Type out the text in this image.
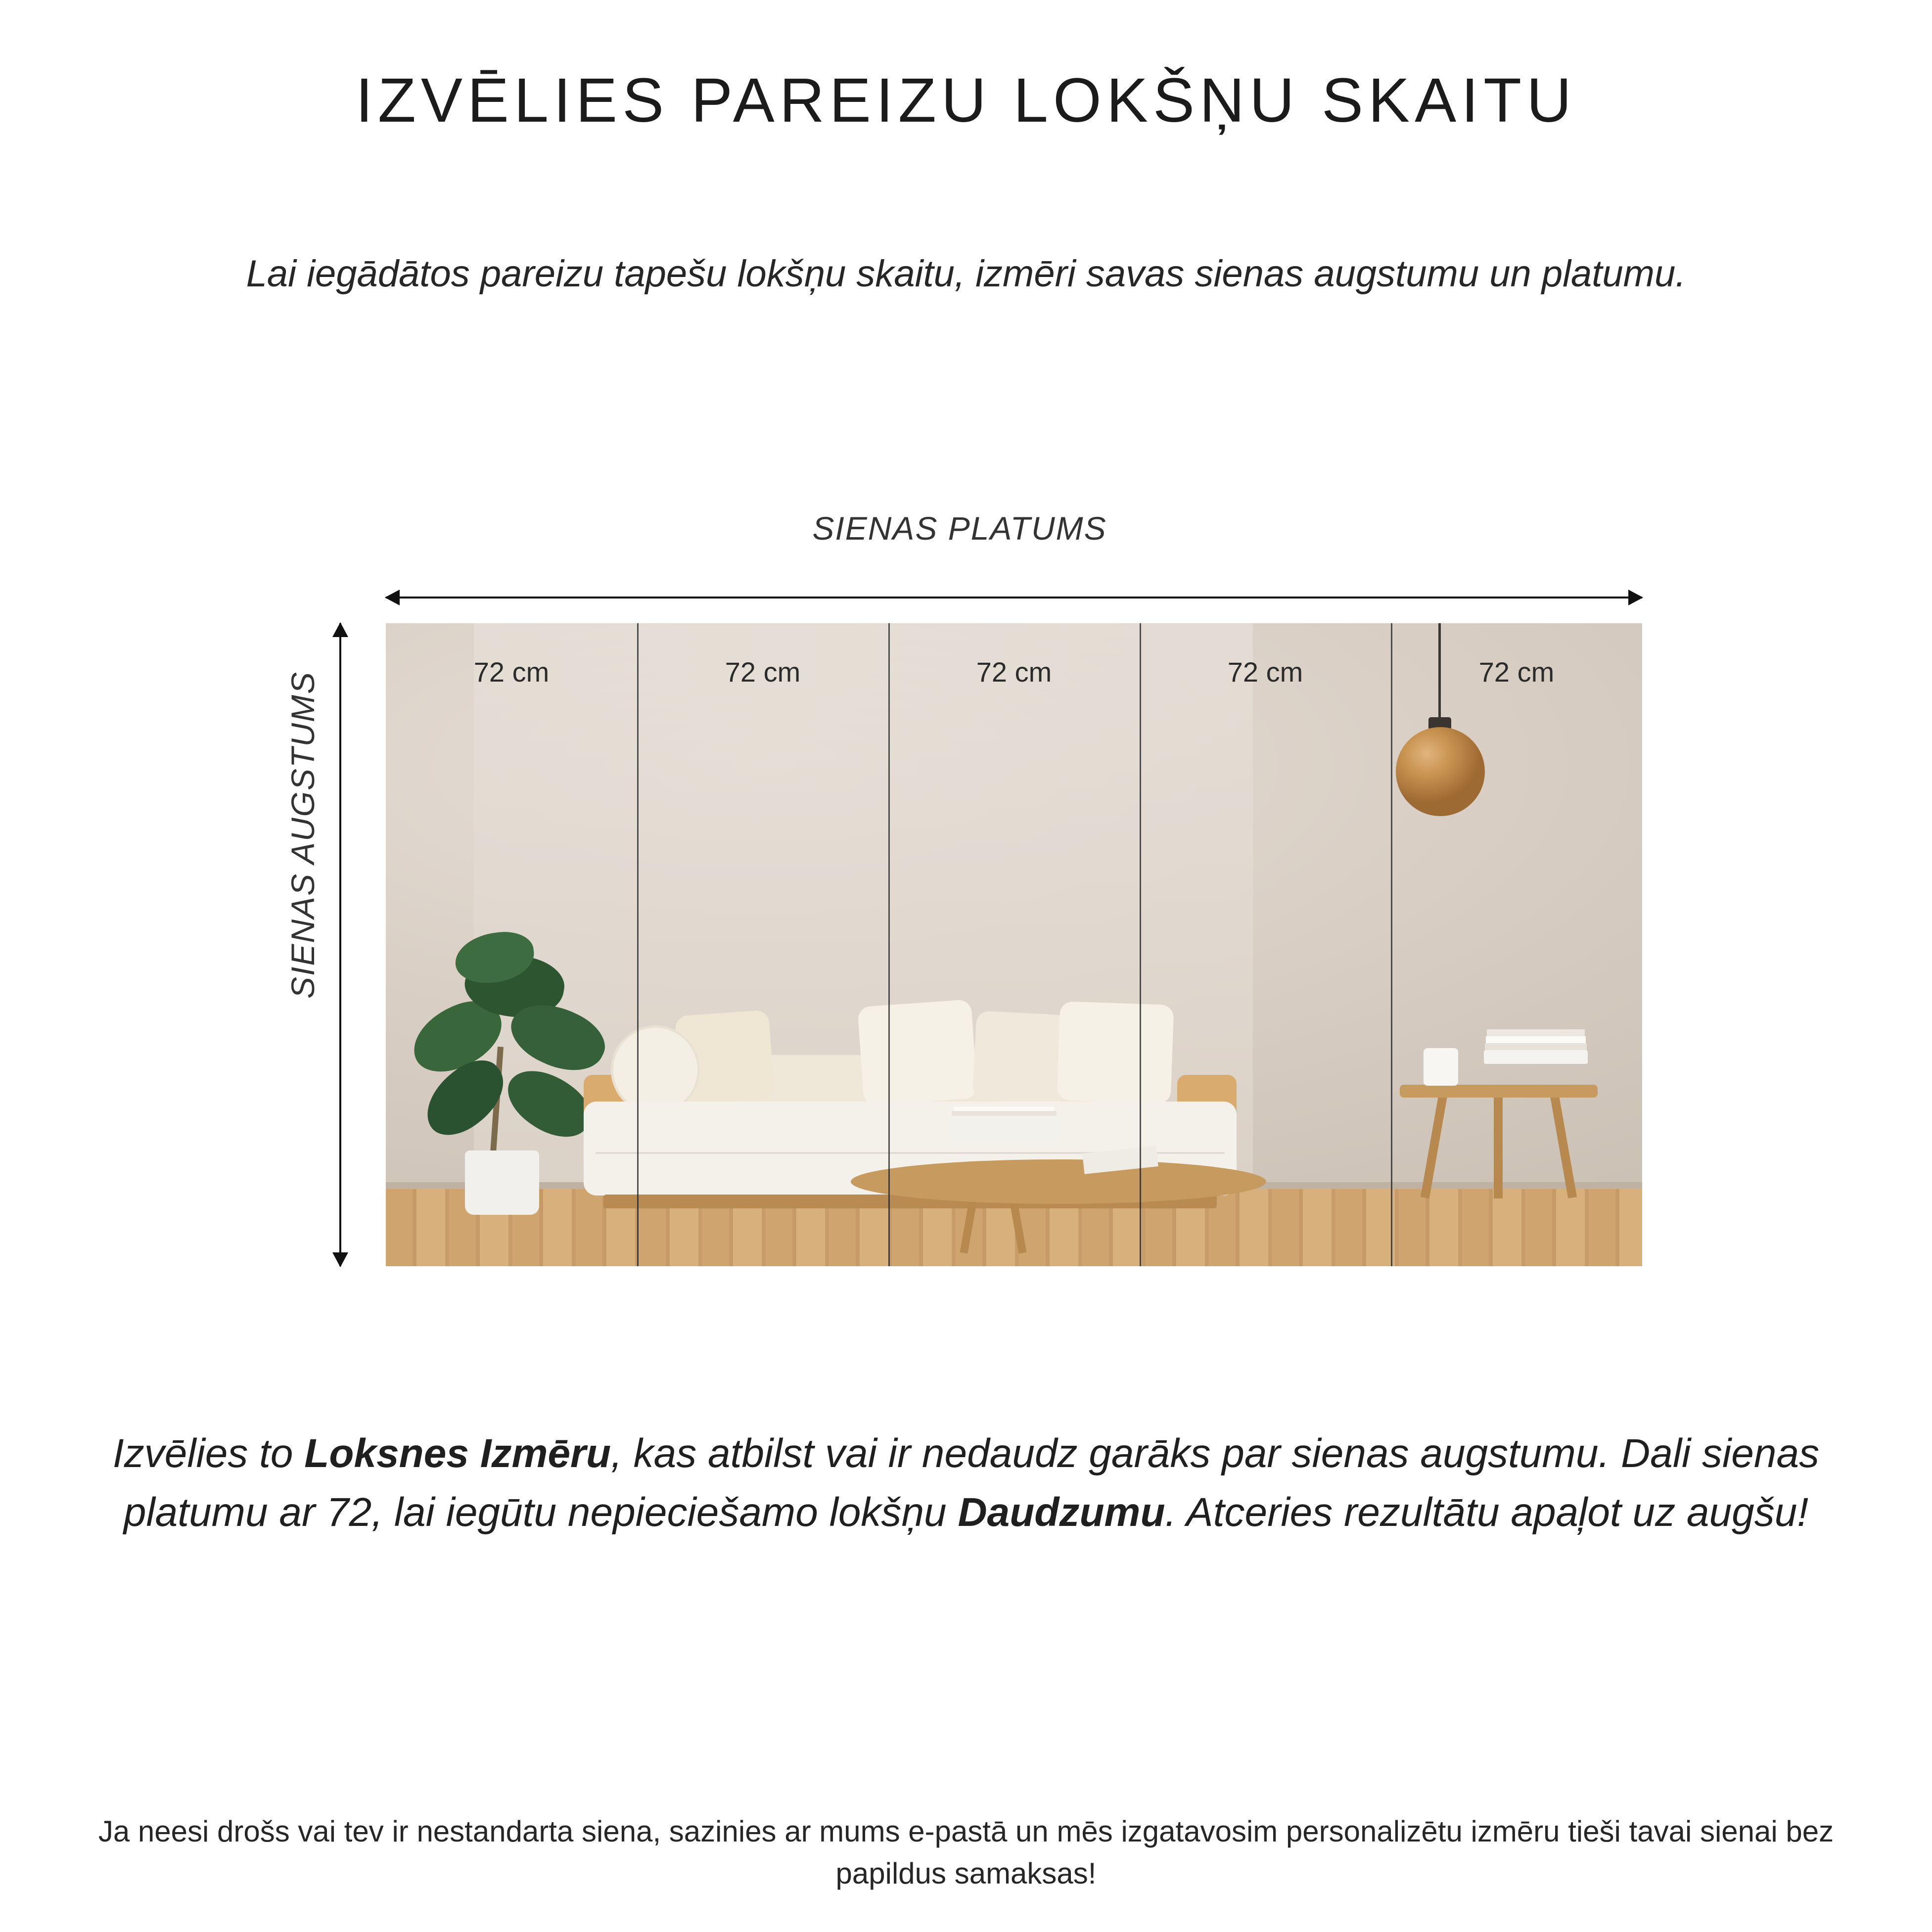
IZVĒLIES PAREIZU LOKŠŅU SKAITU
Lai iegādātos pareizu tapešu lokšņu skaitu, izmēri savas sienas augstumu un platumu.
SIENAS PLATUMS
SIENAS AUGSTUMS	72 cm	72 cm	72 cm	72 cm	72 cm
Izvēlies to Loksnes Izmēru, kas atbilst vai ir nedaudz garāks par sienas augstumu. Dali sienas platumu ar 72, lai iegūtu nepieciešamo lokšņu Daudzumu. Atceries rezultātu apaļot uz augšu!
Ja neesi drošs vai tev ir nestandarta siena, sazinies ar mums e-pastā un mēs izgatavosim personalizētu izmēru tieši tavai sienai bez papildus samaksas!
